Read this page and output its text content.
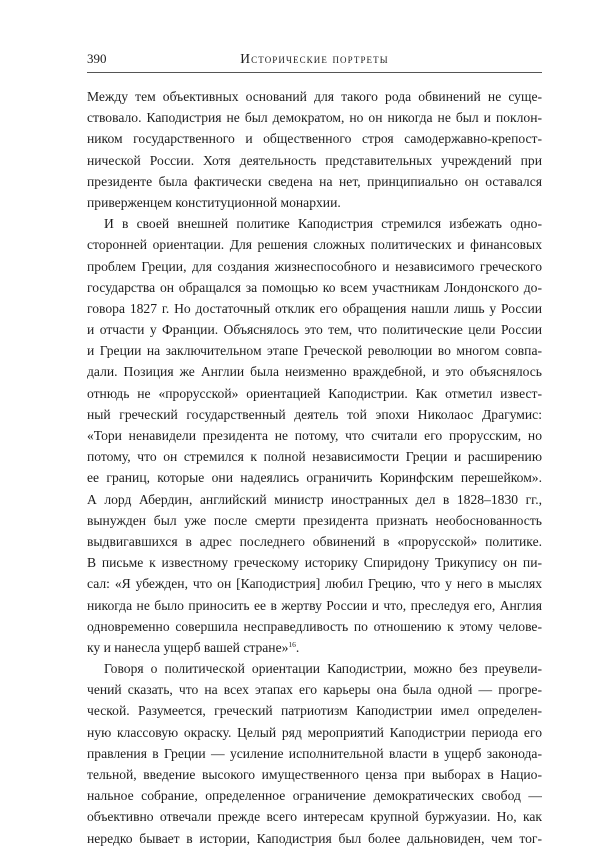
390	Исторические портреты
Между тем объективных оснований для такого рода обвинений не суще-
ствовало. Каподистрия не был демократом, но он никогда не был и поклон-
ником государственного и общественного строя самодержавно-крепост-
нической России. Хотя деятельность представительных учреждений при
президенте была фактически сведена на нет, принципиально он оставался
приверженцем конституционной монархии.
И в своей внешней политике Каподистрия стремился избежать одно-
сторонней ориентации. Для решения сложных политических и финансовых
проблем Греции, для создания жизнеспособного и независимого греческого
государства он обращался за помощью ко всем участникам Лондонского до-
говора 1827 г. Но достаточный отклик его обращения нашли лишь у России
и отчасти у Франции. Объяснялось это тем, что политические цели России
и Греции на заключительном этапе Греческой революции во многом совпа-
дали. Позиция же Англии была неизменно враждебной, и это объяснялось
отнюдь не «прорусской» ориентацией Каподистрии. Как отметил извест-
ный греческий государственный деятель той эпохи Николаос Драгумис:
«Тори ненавидели президента не потому, что считали его прорусским, но
потому, что он стремился к полной независимости Греции и расширению
ее границ, которые они надеялись ограничить Коринфским перешейком».
А лорд Абердин, английский министр иностранных дел в 1828–1830 гг.,
вынужден был уже после смерти президента признать необоснованность
выдвигавшихся в адрес последнего обвинений в «прорусской» политике.
В письме к известному греческому историку Спиридону Трикупису он пи-
сал: «Я убежден, что он [Каподистрия] любил Грецию, что у него в мыслях
никогда не было приносить ее в жертву России и что, преследуя его, Англия
одновременно совершила несправедливость по отношению к этому челове-
ку и нанесла ущерб вашей стране»$^{16}$.
Говоря о политической ориентации Каподистрии, можно без преувели-
чений сказать, что на всех этапах его карьеры она была одной — прогре-
ческой. Разумеется, греческий патриотизм Каподистрии имел определен-
ную классовую окраску. Целый ряд мероприятий Каподистрии периода его
правления в Греции — усиление исполнительной власти в ущерб законода-
тельной, введение высокого имущественного ценза при выборах в Нацио-
нальное собрание, определенное ограничение демократических свобод —
объективно отвечали прежде всего интересам крупной буржуазии. Но, как
нередко бывает в истории, Каподистрия был более дальновиден, чем тог-
